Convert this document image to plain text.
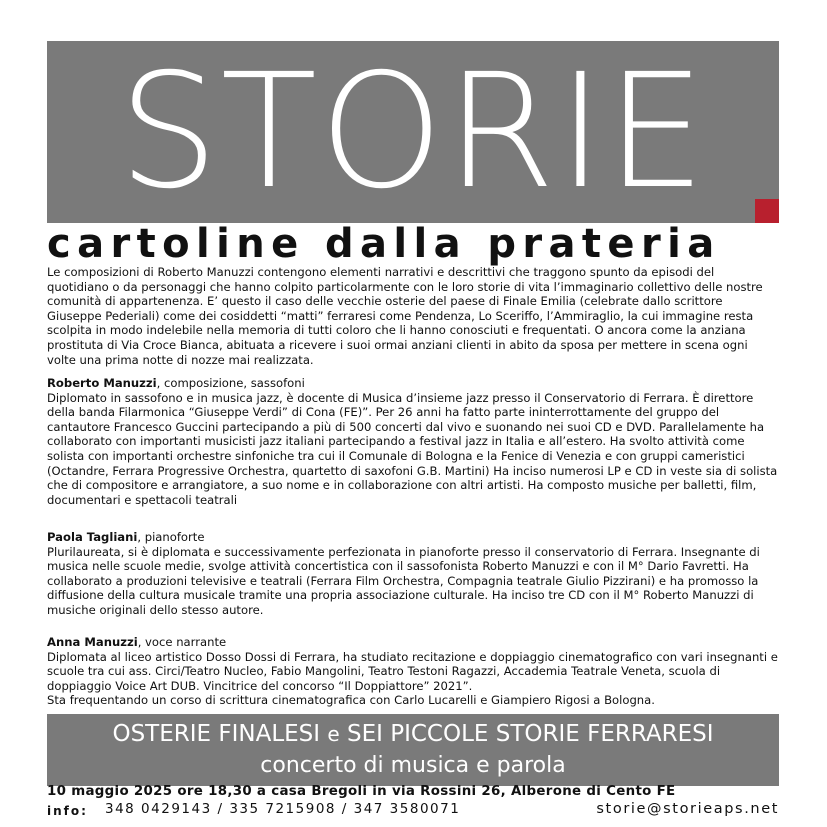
STORIE
cartoline dalla prateria

Le composizioni di Roberto Manuzzi contengono elementi narrativi e descrittivi che traggono spunto da episodi del quotidiano o da personaggi che hanno colpito particolarmente con le loro storie di vita l’immaginario collettivo delle nostre comunità di appartenenza. E’ questo il caso delle vecchie osterie del paese di Finale Emilia (celebrate dallo scrittore Giuseppe Pederiali) come dei cosiddetti “matti” ferraresi come Pendenza, Lo Sceriffo, l’Ammiraglio, la cui immagine resta scolpita in modo indelebile nella memoria di tutti coloro che li hanno conosciuti e frequentati. O ancora come la anziana prostituta di Via Croce Bianca, abituata a ricevere i suoi ormai anziani clienti in abito da sposa per mettere in scena ogni volte una prima notte di nozze mai realizzata.

Roberto Manuzzi, composizione, sassofoni

Diplomato in sassofono e in musica jazz, è docente di Musica d’insieme jazz presso il Conservatorio di Ferrara. È direttore della banda Filarmonica “Giuseppe Verdi” di Cona (FE)”. Per 26 anni ha fatto parte ininterrottamente del gruppo del cantautore Francesco Guccini partecipando a più di 500 concerti dal vivo e suonando nei suoi CD e DVD. Parallelamente ha collaborato con importanti musicisti jazz italiani partecipando a festival jazz in Italia e all’estero. Ha svolto attività come solista con importanti orchestre sinfoniche tra cui il Comunale di Bologna e la Fenice di Venezia e con gruppi cameristici (Octandre, Ferrara Progressive Orchestra, quartetto di saxofoni G.B. Martini) Ha inciso numerosi LP e CD in veste sia di solista che di compositore e arrangiatore, a suo nome e in collaborazione con altri artisti. Ha composto musiche per balletti, film, documentari e spettacoli teatrali

Paola Tagliani, pianoforte

Plurilaureata, si è diplomata e successivamente perfezionata in pianoforte presso il conservatorio di Ferrara. Insegnante di musica nelle scuole medie, svolge attività concertistica con il sassofonista Roberto Manuzzi e con il M° Dario Favretti. Ha collaborato a produzioni televisive e teatrali (Ferrara Film Orchestra, Compagnia teatrale Giulio Pizzirani) e ha promosso la diffusione della cultura musicale tramite una propria associazione culturale. Ha inciso tre CD con il M° Roberto Manuzzi di musiche originali dello stesso autore.

Anna Manuzzi, voce narrante

Diplomata al liceo artistico Dosso Dossi di Ferrara, ha studiato recitazione e doppiaggio cinematografico con vari insegnanti e scuole tra cui ass. Circi/Teatro Nucleo, Fabio Mangolini, Teatro Testoni Ragazzi, Accademia Teatrale Veneta, scuola di doppiaggio Voice Art DUB. Vincitrice del concorso “Il Doppiattore” 2021”.

Sta frequentando un corso di scrittura cinematografica con Carlo Lucarelli e Giampiero Rigosi a Bologna.

OSTERIE FINALESI e SEI PICCOLE STORIE FERRARESI
concerto di musica e parola
10 maggio 2025 ore 18,30 a casa Bregoli in via Rossini 26, Alberone di Cento FE
info: 348 0429143 / 335 7215908 / 347 3580071	storie@storieaps.net
